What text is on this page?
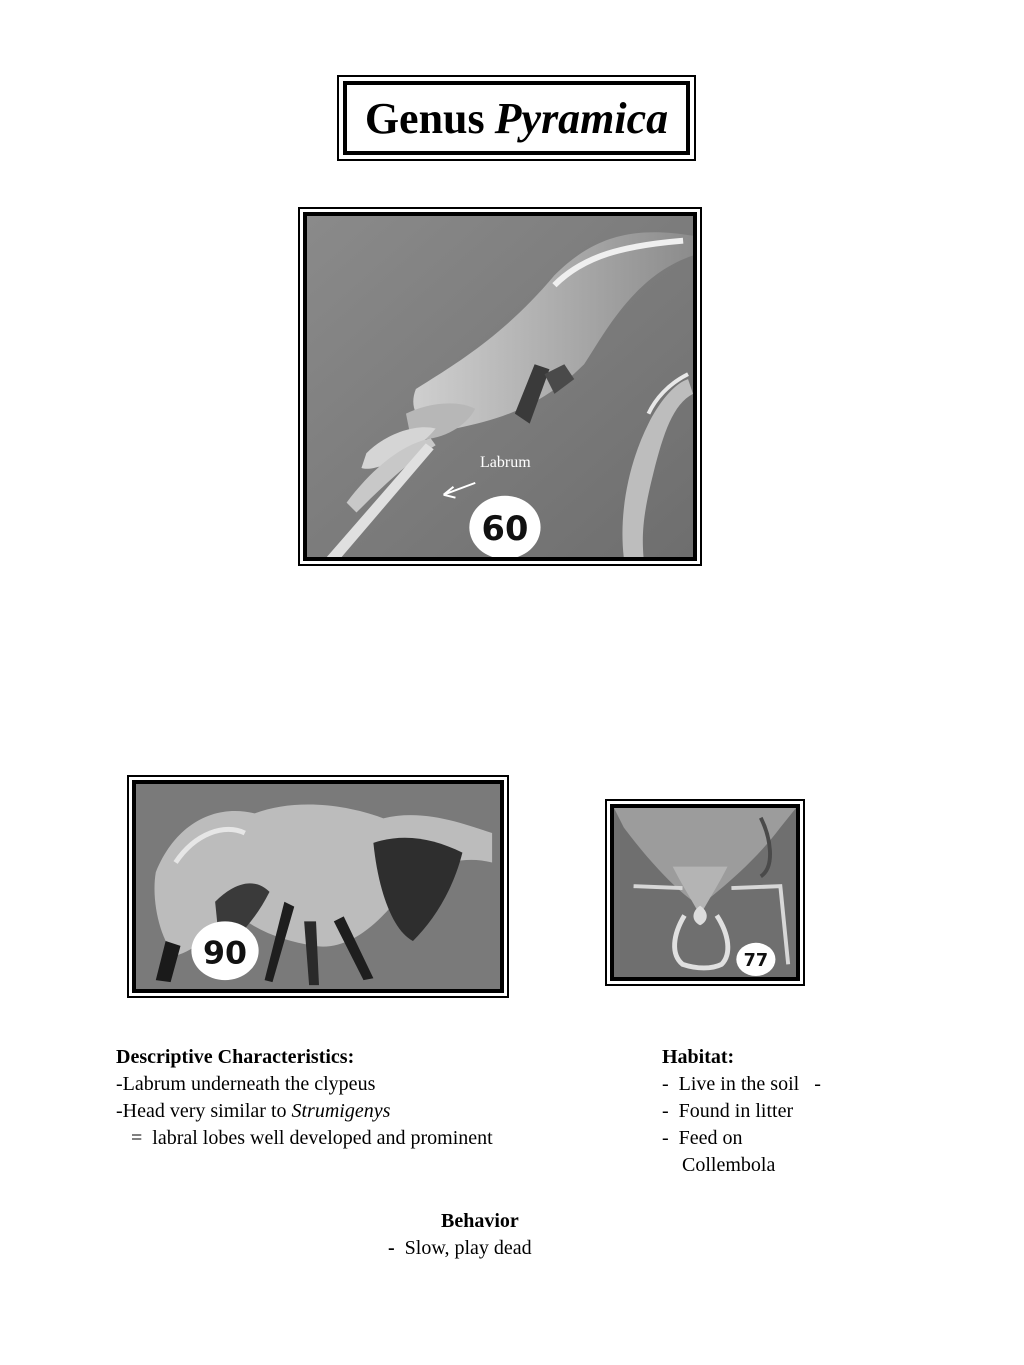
Genus Pyramica
60
Labrum
90	77
Descriptive Characteristics:
-Labrum underneath the clypeus
-Head very similar to Strumigenys
=  labral lobes well developed and prominent
Habitat:
-  Live in the soil   -
-  Found in litter
-  Feed on
Collembola
Behavior
-  Slow, play dead
